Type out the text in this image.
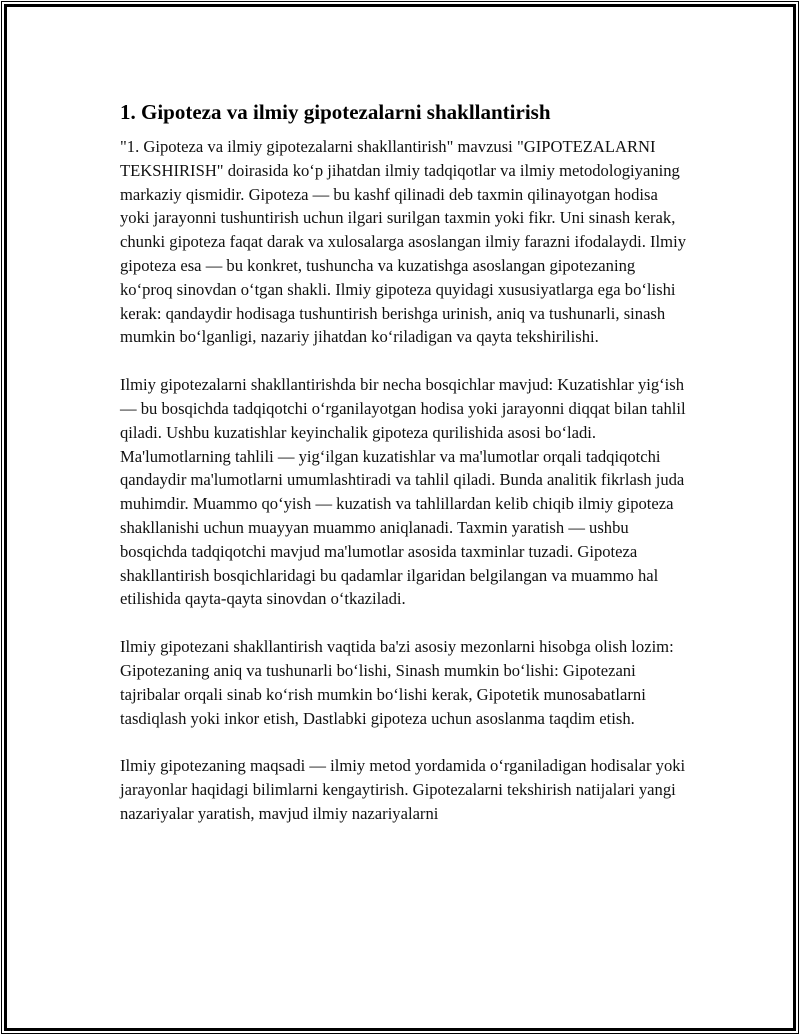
1. Gipoteza va ilmiy gipotezalarni shakllantirish

"1. Gipoteza va ilmiy gipotezalarni shakllantirish" mavzusi "GIPOTEZALARNI TEKSHIRISH" doirasida koʻp jihatdan ilmiy tadqiqotlar va ilmiy metodologiyaning markaziy qismidir. Gipoteza — bu kashf qilinadi deb taxmin qilinayotgan hodisa yoki jarayonni tushuntirish uchun ilgari surilgan taxmin yoki fikr. Uni sinash kerak, chunki gipoteza faqat darak va xulosalarga asoslangan ilmiy farazni ifodalaydi. Ilmiy gipoteza esa — bu konkret, tushuncha va kuzatishga asoslangan gipotezaning koʻproq sinovdan oʻtgan shakli. Ilmiy gipoteza quyidagi xususiyatlarga ega boʻlishi kerak: qandaydir hodisaga tushuntirish berishga urinish, aniq va tushunarli, sinash mumkin boʻlganligi, nazariy jihatdan koʻriladigan va qayta tekshirilishi.

Ilmiy gipotezalarni shakllantirishda bir necha bosqichlar mavjud: Kuzatishlar yigʻish — bu bosqichda tadqiqotchi oʻrganilayotgan hodisa yoki jarayonni diqqat bilan tahlil qiladi. Ushbu kuzatishlar keyinchalik gipoteza qurilishida asosi boʻladi. Ma'lumotlarning tahlili — yigʻilgan kuzatishlar va ma'lumotlar orqali tadqiqotchi qandaydir ma'lumotlarni umumlashtiradi va tahlil qiladi. Bunda analitik fikrlash juda muhimdir. Muammo qoʻyish — kuzatish va tahlillardan kelib chiqib ilmiy gipoteza shakllanishi uchun muayyan muammo aniqlanadi. Taxmin yaratish — ushbu bosqichda tadqiqotchi mavjud ma'lumotlar asosida taxminlar tuzadi. Gipoteza shakllantirish bosqichlaridagi bu qadamlar ilgaridan belgilangan va muammo hal etilishida qayta-qayta sinovdan oʻtkaziladi.

Ilmiy gipotezani shakllantirish vaqtida ba'zi asosiy mezonlarni hisobga olish lozim: Gipotezaning aniq va tushunarli boʻlishi, Sinash mumkin boʻlishi: Gipotezani tajribalar orqali sinab koʻrish mumkin boʻlishi kerak, Gipotetik munosabatlarni tasdiqlash yoki inkor etish, Dastlabki gipoteza uchun asoslanma taqdim etish.

Ilmiy gipotezaning maqsadi — ilmiy metod yordamida oʻrganiladigan hodisalar yoki jarayonlar haqidagi bilimlarni kengaytirish. Gipotezalarni tekshirish natijalari yangi nazariyalar yaratish, mavjud ilmiy nazariyalarni
